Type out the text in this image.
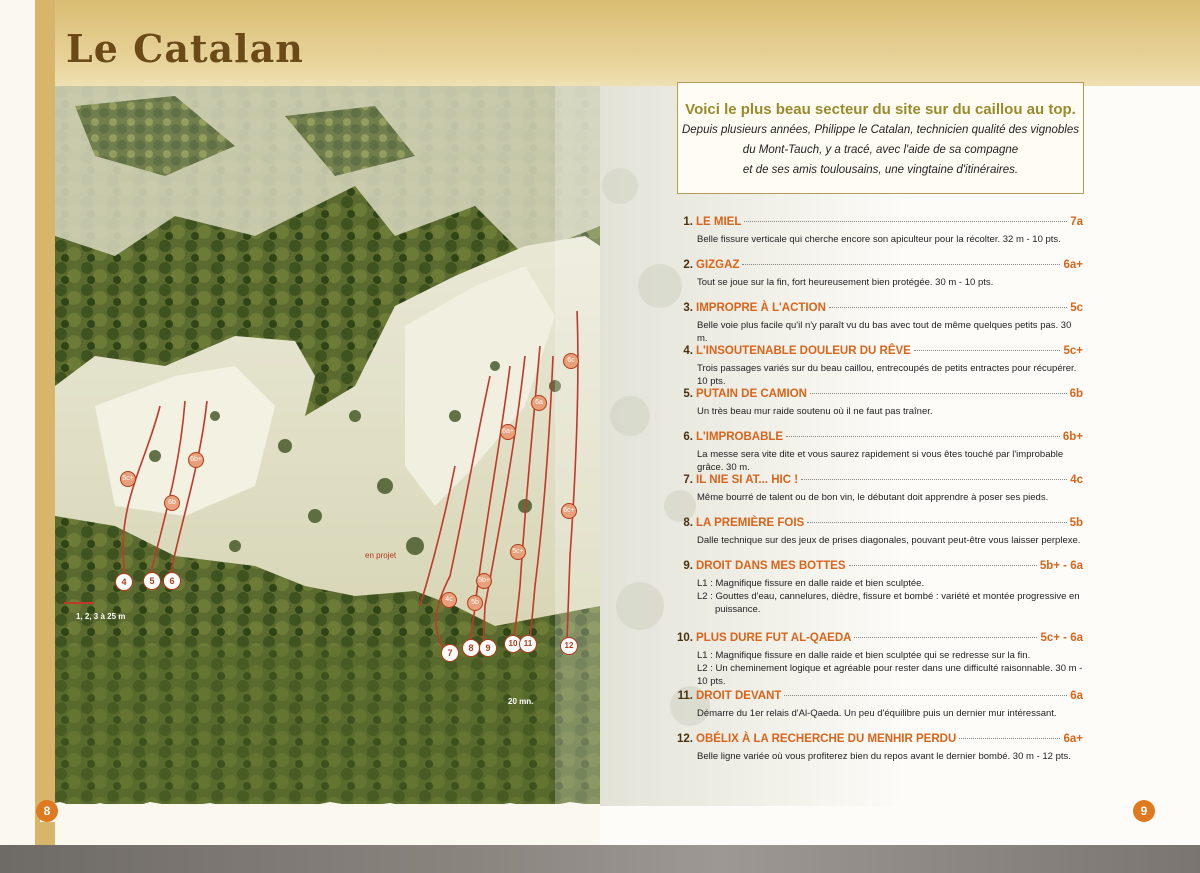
Le Catalan
5c+
6b
6b+
6c
6a
6c+
4c	5b
5b+
5c+
6a+
4	5	6
7	8	9	10 11	12
en projet
1, 2, 3 à 25 m
20 mn.
8
Voici le plus beau secteur du site sur du caillou au top.
Depuis plusieurs années, Philippe le Catalan, technicien qualité des vignobles
du Mont-Tauch, y a tracé, avec l'aide de sa compagne
et de ses amis toulousains, une vingtaine d'itinéraires.
1. LE MIEL	7a
Belle fissure verticale qui cherche encore son apiculteur pour la récolter. 32 m - 10 pts.
2. GIZGAZ	6a+
Tout se joue sur la fin, fort heureusement bien protégée. 30 m - 10 pts.
3. IMPROPRE À L'ACTION	5c
Belle voie plus facile qu'il n'y paraît vu du bas avec tout de même quelques petits pas. 30 m.
4. L'INSOUTENABLE DOULEUR DU RÊVE	5c+
Trois passages variés sur du beau caillou, entrecoupés de petits entractes pour récupérer. 10 pts.
5. PUTAIN DE CAMION	6b
Un très beau mur raide soutenu où il ne faut pas traîner.
6. L'IMPROBABLE	6b+
La messe sera vite dite et vous saurez rapidement si vous êtes touché par l'improbable grâce. 30 m.
7. IL NIE SI AT... HIC !	4c
Même bourré de talent ou de bon vin, le débutant doit apprendre à poser ses pieds.
8. LA PREMIÈRE FOIS	5b
Dalle technique sur des jeux de prises diagonales, pouvant peut-être vous laisser perplexe.
9. DROIT DANS MES BOTTES	5b+ - 6a
L1 : Magnifique fissure en dalle raide et bien sculptée.
L2 : Gouttes d'eau, cannelures, dièdre, fissure et bombé : variété et montée progressive en
puissance.
10. PLUS DURE FUT AL-QAEDA	5c+ - 6a
L1 : Magnifique fissure en dalle raide et bien sculptée qui se redresse sur la fin.
L2 : Un cheminement logique et agréable pour rester dans une difficulté raisonnable. 30 m - 10 pts.
11. DROIT DEVANT	6a
Démarre du 1er relais d'Al-Qaeda. Un peu d'équilibre puis un dernier mur intéressant.
12. OBÉLIX À LA RECHERCHE DU MENHIR PERDU	6a+
Belle ligne variée où vous profiterez bien du repos avant le dernier bombé. 30 m - 12 pts.
9
